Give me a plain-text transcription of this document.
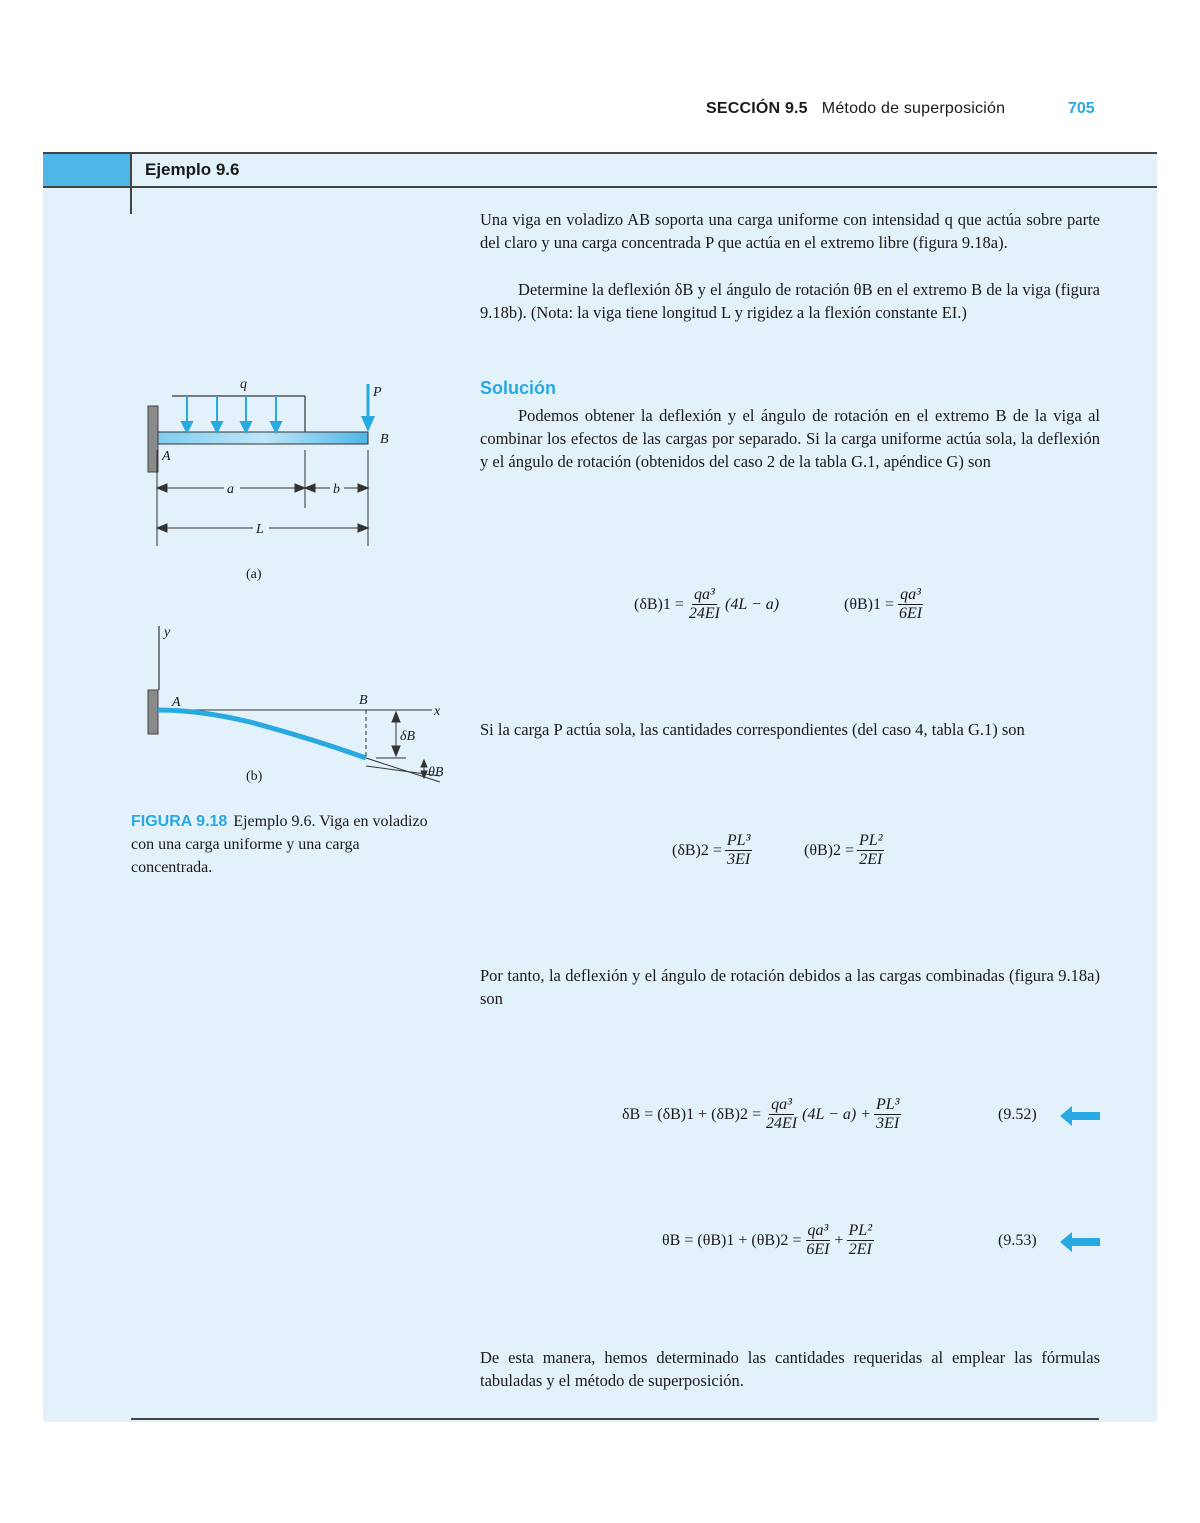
SECCIÓN 9.5 Método de superposición	705
Ejemplo 9.6
Una viga en voladizo AB soporta una carga uniforme con intensidad q que actúa sobre parte del claro y una carga concentrada P que actúa en el extremo libre (figura 9.18a).
Determine la deflexión δB y el ángulo de rotación θB en el extremo B de la viga (figura 9.18b). (Nota: la viga tiene longitud L y rigidez a la flexión constante EI.)
Solución
Podemos obtener la deflexión y el ángulo de rotación en el extremo B de la viga al combinar los efectos de las cargas por separado. Si la carga uniforme actúa sola, la deflexión y el ángulo de rotación (obtenidos del caso 2 de la tabla G.1, apéndice G) son
$(\delta B)1 = \frac{\text{qa³}}{24EI} (4L - a)$	$(\theta B)1 = \frac{\text{qa³}}{6EI}$
Si la carga P actúa sola, las cantidades correspondientes (del caso 4, tabla G.1) son
$(\delta B)2 = \frac{\text{PL³}}{3EI}$	$(\theta B)2 = \frac{\text{PL²}}{2EI}$
Por tanto, la deflexión y el ángulo de rotación debidos a las cargas combinadas (figura 9.18a) son
$\delta B = (\delta B)1 + (\delta B)2 = \frac{\text{qa³}}{24EI} (4L - a) + \frac{\text{PL³}}{3EI}$	(9.52)
$\theta B = (\theta B)1 + (\theta B)2 = \frac{\text{qa³}}{6EI} + \frac{\text{PL²}}{2EI}$	(9.53)
De esta manera, hemos determinado las cantidades requeridas al emplear las fórmulas tabuladas y el método de superposición.
q
P
A
B
a	b
L
(a)
y
x
A	B
δB
θB
(b)
FIGURA 9.18 Ejemplo 9.6. Viga en voladizo con una carga uniforme y una carga concentrada.
